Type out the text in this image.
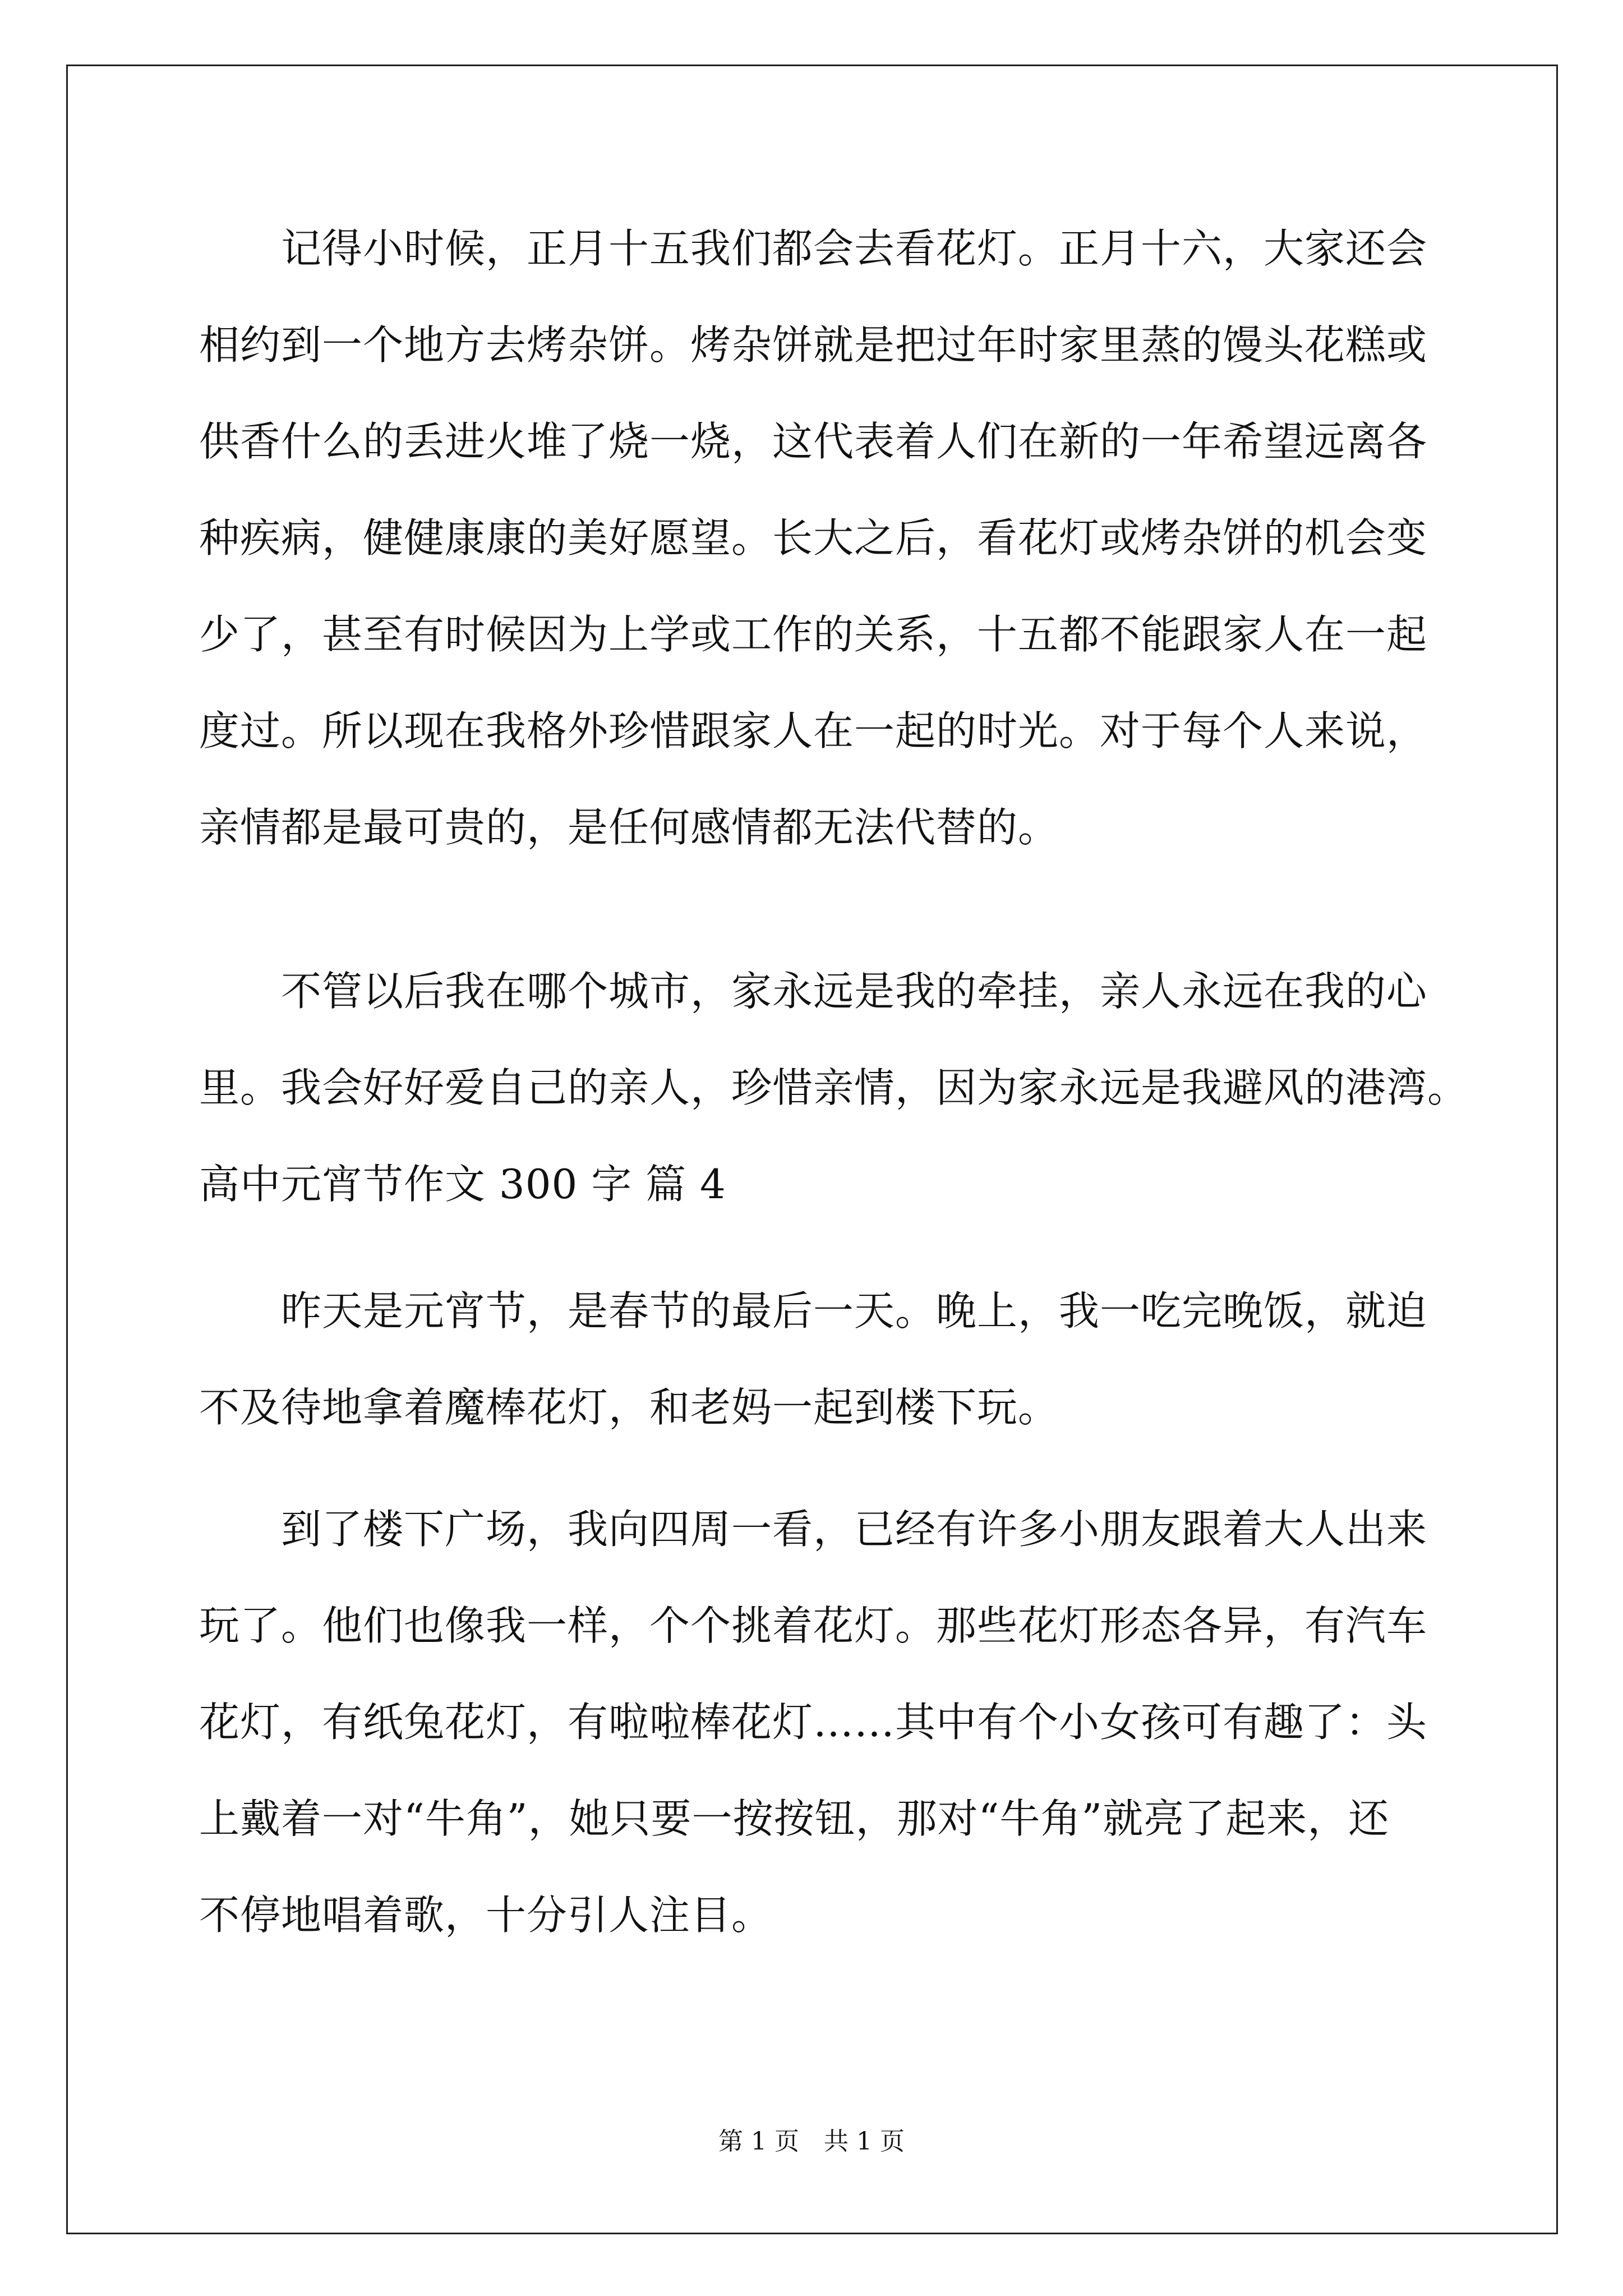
　　记得小时候，正月十五我们都会去看花灯。正月十六，大家还会
相约到一个地方去烤杂饼。烤杂饼就是把过年时家里蒸的馒头花糕或
供香什么的丢进火堆了烧一烧，这代表着人们在新的一年希望远离各
种疾病，健健康康的美好愿望。长大之后，看花灯或烤杂饼的机会变
少了，甚至有时候因为上学或工作的关系，十五都不能跟家人在一起
度过。所以现在我格外珍惜跟家人在一起的时光。对于每个人来说，
亲情都是最可贵的，是任何感情都无法代替的。
　　不管以后我在哪个城市，家永远是我的牵挂，亲人永远在我的心
里。我会好好爱自己的亲人，珍惜亲情，因为家永远是我避风的港湾。
高中元宵节作文 300 字 篇 4
　　昨天是元宵节，是春节的最后一天。晚上，我一吃完晚饭，就迫
不及待地拿着魔棒花灯，和老妈一起到楼下玩。
　　到了楼下广场，我向四周一看，已经有许多小朋友跟着大人出来
玩了。他们也像我一样，个个挑着花灯。那些花灯形态各异，有汽车
花灯，有纸兔花灯，有啦啦棒花灯……其中有个小女孩可有趣了：头
上戴着一对“牛角”，她只要一按按钮，那对“牛角”就亮了起来，还
不停地唱着歌，十分引人注目。
第 1 页　共 1 页
